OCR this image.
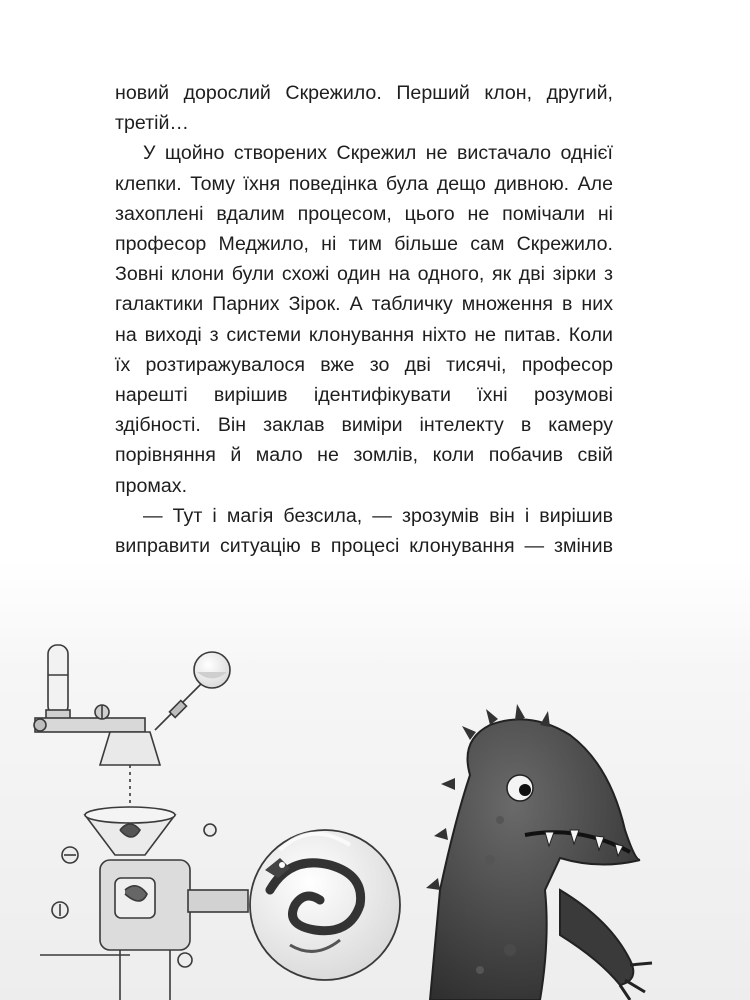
новий дорослий Скрежило. Перший клон, другий, третій…

У щойно створених Скрежил не вистачало однієї клепки. Тому їхня поведінка була дещо дивною. Але захоплені вдалим процесом, цього не помічали ні професор Меджило, ні тим більше сам Скрежило. Зовні клони були схожі один на одного, як дві зірки з галактики Парних Зірок. А табличку множення в них на виході з системи клонування ніхто не питав. Коли їх розтиражувалося вже зо дві тисячі, професор нарешті вирішив ідентифікувати їхні розумові здібності. Він заклав виміри інтелекту в камеру порівняння й мало не зомлів, коли побачив свій промах.

— Тут і магія безсила, — зрозумів він і вирішив виправити ситуацію в процесі клонування — змінив
